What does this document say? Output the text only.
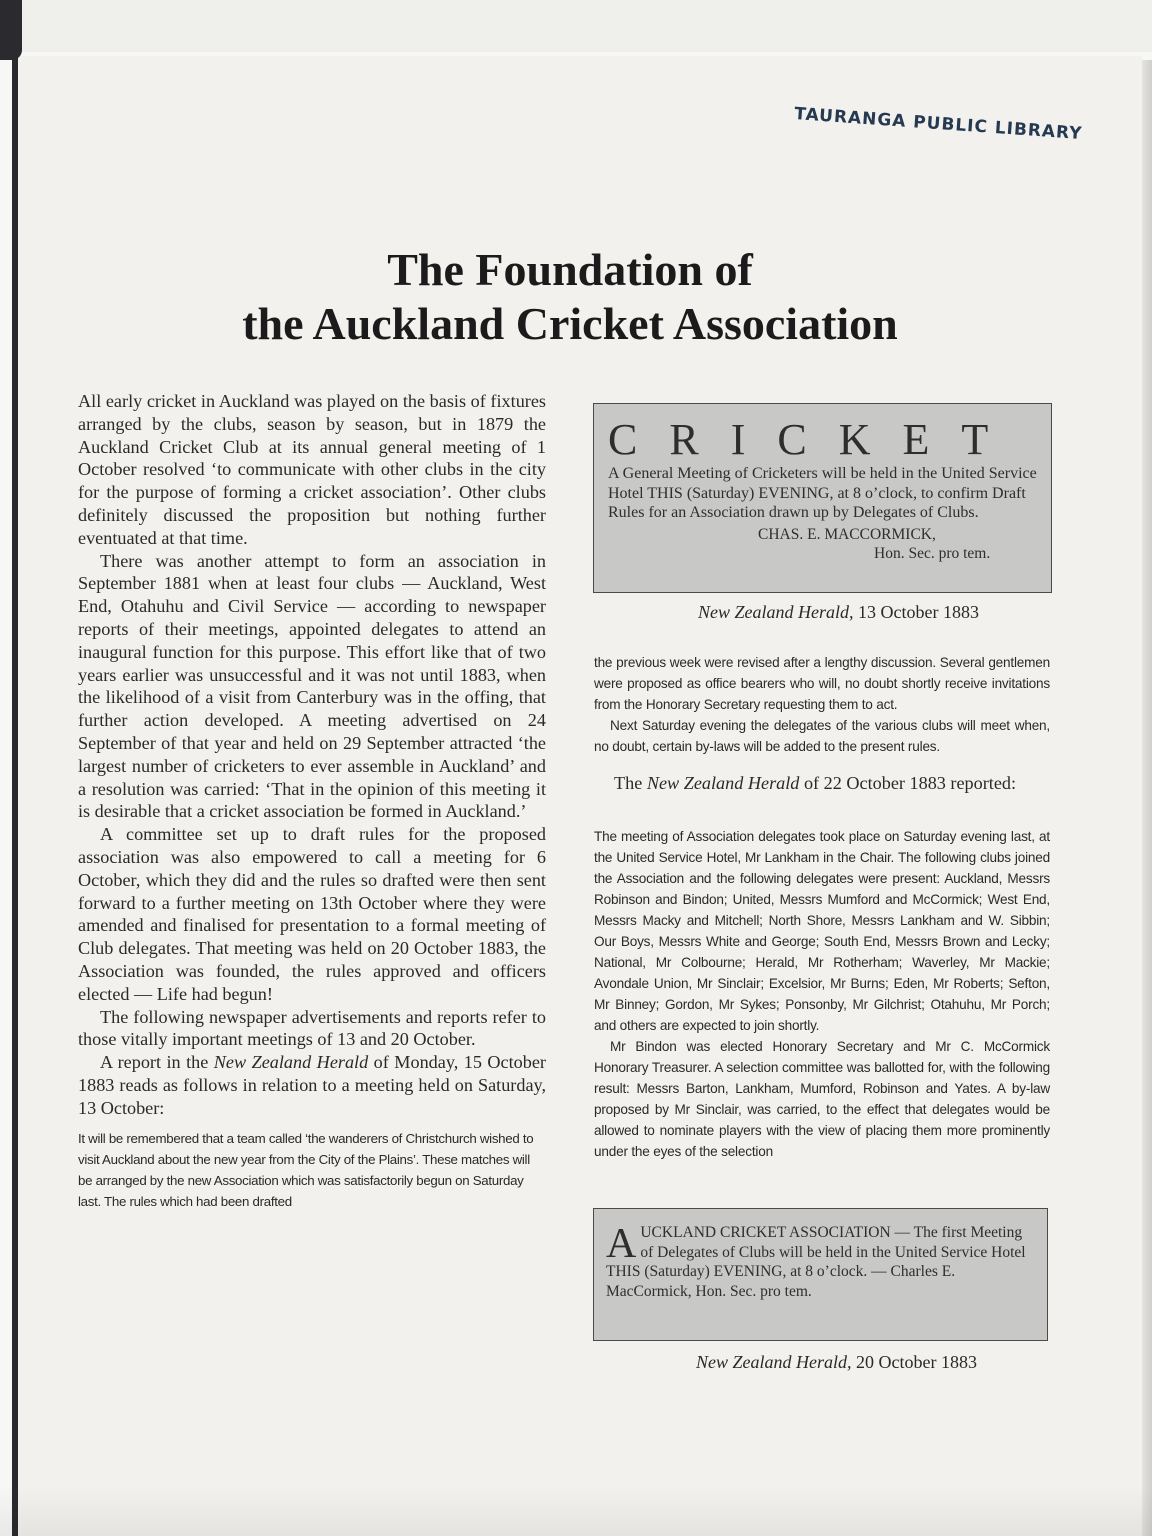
TAURANGA PUBLIC LIBRARY
The Foundation of
the Auckland Cricket Association

All early cricket in Auckland was played on the basis of fixtures arranged by the clubs, season by season, but in 1879 the Auckland Cricket Club at its annual general meeting of 1 October resolved ‘to communicate with other clubs in the city for the purpose of forming a cricket association’. Other clubs definitely discussed the proposition but nothing further eventuated at that time.

There was another attempt to form an association in September 1881 when at least four clubs — Auckland, West End, Otahuhu and Civil Service — according to newspaper reports of their meetings, appointed delegates to attend an inaugural function for this purpose. This effort like that of two years earlier was unsuccessful and it was not until 1883, when the likelihood of a visit from Canterbury was in the offing, that further action developed. A meeting advertised on 24 September of that year and held on 29 September attracted ‘the largest number of cricketers to ever assemble in Auckland’ and a resolution was carried: ‘That in the opinion of this meeting it is desirable that a cricket association be formed in Auckland.’

A committee set up to draft rules for the proposed association was also empowered to call a meeting for 6 October, which they did and the rules so drafted were then sent forward to a further meeting on 13th October where they were amended and finalised for presentation to a formal meeting of Club delegates. That meeting was held on 20 October 1883, the Association was founded, the rules approved and officers elected — Life had begun!

The following newspaper advertisements and reports refer to those vitally important meetings of 13 and 20 October.

A report in the New Zealand Herald of Monday, 15 October 1883 reads as follows in relation to a meeting held on Saturday, 13 October:

It will be remembered that a team called ‘the wanderers of Christchurch wished to visit Auckland about the new year from the City of the Plains’. These matches will be arranged by the new Association which was satisfactorily begun on Saturday last. The rules which had been drafted

CRICKET

A General Meeting of Cricketers will be held in the United Service Hotel THIS (Saturday) EVENING, at 8 o’clock, to confirm Draft Rules for an Association drawn up by Delegates of Clubs.

CHAS. E. MACCORMICK,

Hon. Sec. pro tem.

New Zealand Herald, 13 October 1883

the previous week were revised after a lengthy discussion. Several gentlemen were proposed as office bearers who will, no doubt shortly receive invitations from the Honorary Secretary requesting them to act.

Next Saturday evening the delegates of the various clubs will meet when, no doubt, certain by-laws will be added to the present rules.

The New Zealand Herald of 22 October 1883 reported:

The meeting of Association delegates took place on Saturday evening last, at the United Service Hotel, Mr Lankham in the Chair. The following clubs joined the Association and the following delegates were present: Auckland, Messrs Robinson and Bindon; United, Messrs Mumford and McCormick; West End, Messrs Macky and Mitchell; North Shore, Messrs Lankham and W. Sibbin; Our Boys, Messrs White and George; South End, Messrs Brown and Lecky; National, Mr Colbourne; Herald, Mr Rotherham; Waverley, Mr Mackie; Avondale Union, Mr Sinclair; Excelsior, Mr Burns; Eden, Mr Roberts; Sefton, Mr Binney; Gordon, Mr Sykes; Ponsonby, Mr Gilchrist; Otahuhu, Mr Porch; and others are expected to join shortly.

Mr Bindon was elected Honorary Secretary and Mr C. McCormick Honorary Treasurer. A selection committee was ballotted for, with the following result: Messrs Barton, Lankham, Mumford, Robinson and Yates. A by-law proposed by Mr Sinclair, was carried, to the effect that delegates would be allowed to nominate players with the view of placing them more prominently under the eyes of the selection

AUCKLAND CRICKET ASSOCIATION — The first Meeting of Delegates of Clubs will be held in the United Service Hotel THIS (Saturday) EVENING, at 8 o’clock. — Charles E. MacCormick, Hon. Sec. pro tem.
New Zealand Herald, 20 October 1883
